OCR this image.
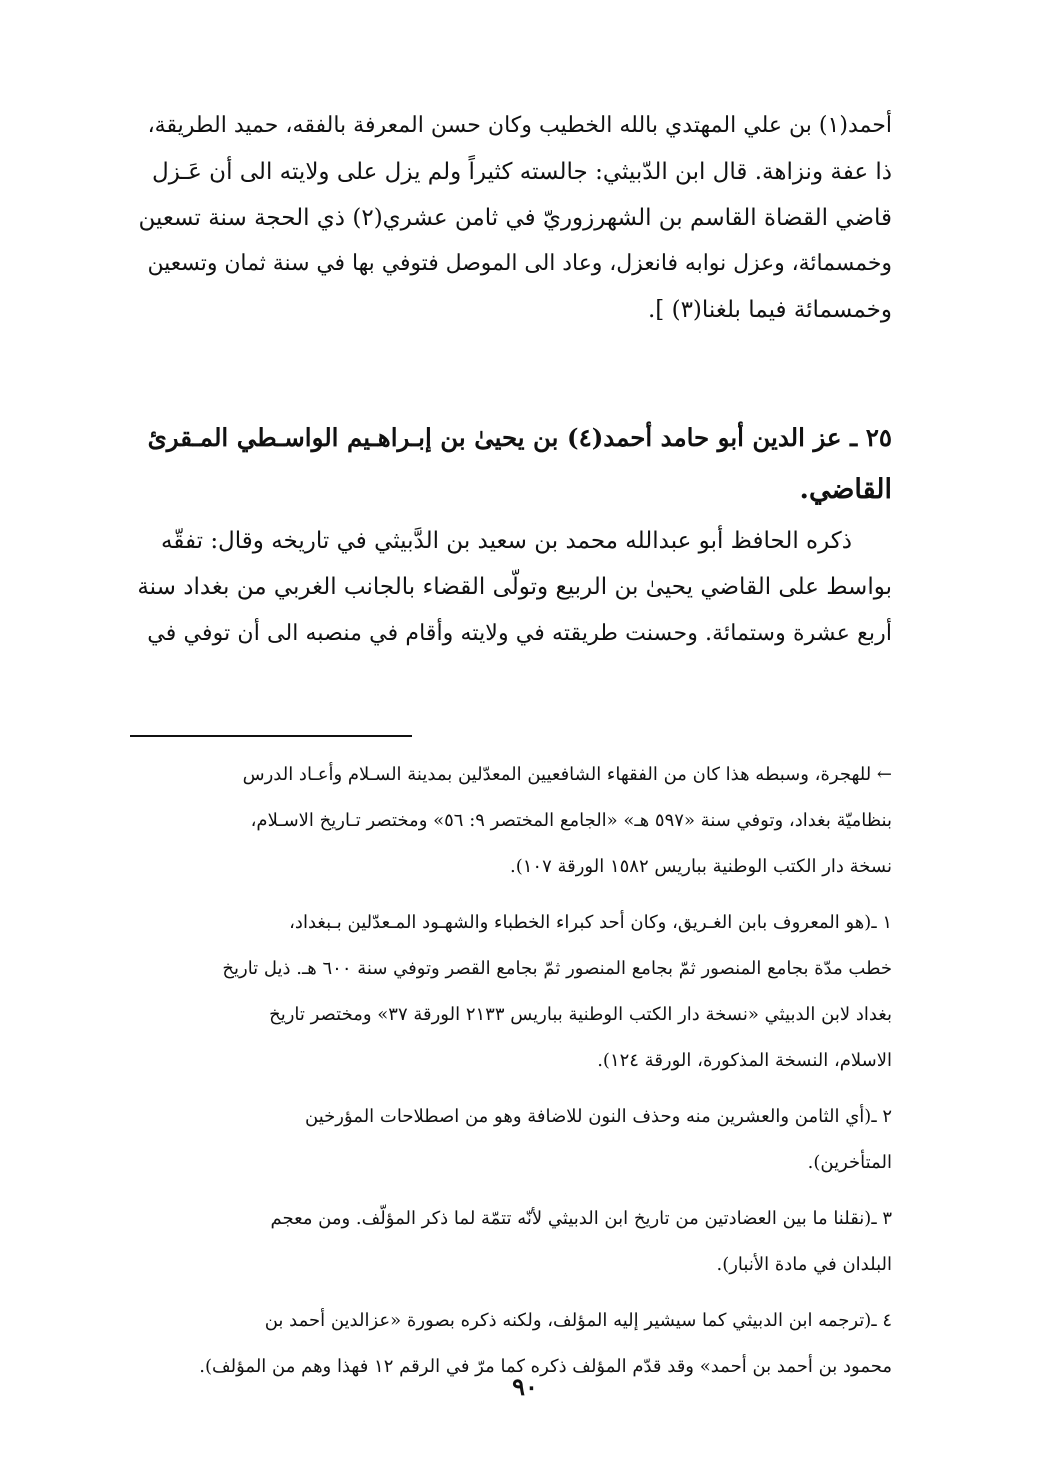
أحمد(١) بن علي المهتدي بالله الخطيب وكان حسن المعرفة بالفقه، حميد الطريقة،
ذا عفة ونزاهة. قال ابن الدّبيثي: جالسته كثيراً ولم يزل على ولايته الى أن عَـزل
قاضي القضاة القاسم بن الشهرزوريّ في ثامن عشري(٢) ذي الحجة سنة تسعين
وخمسمائة، وعزل نوابه فانعزل، وعاد الى الموصل فتوفي بها في سنة ثمان وتسعين
وخمسمائة فيما بلغنا(٣) ].
٢٥ ـ عز الدين أبو حامد أحمد(٤) بن يحيىٰ بن إبـراهـيم الواسـطي المـقرئ
القاضي.
ذكره الحافظ أبو عبدالله محمد بن سعيد بن الدَّبيثي في تاريخه وقال: تفقّه
بواسط على القاضي يحيىٰ بن الربيع وتولّى القضاء بالجانب الغربي من بغداد سنة
أربع عشرة وستمائة. وحسنت طريقته في ولايته وأقام في منصبه الى أن توفي في
← للهجرة، وسبطه هذا كان من الفقهاء الشافعيين المعدّلين بمدينة السـلام وأعـاد الدرس
بنظاميّة بغداد، وتوفي سنة «٥٩٧ هـ» «الجامع المختصر ٩: ٥٦» ومختصر تـاريخ الاسـلام،
نسخة دار الكتب الوطنية بباريس ١٥٨٢ الورقة ١٠٧).
١ ـ(هو المعروف بابن الغـريق، وكان أحد كبراء الخطباء والشهـود المـعدّلين بـبغداد،
خطب مدّة بجامع المنصور ثمّ بجامع المنصور ثمّ بجامع القصر وتوفي سنة ٦٠٠ هـ. ذيل تاريخ
بغداد لابن الدبيثي «نسخة دار الكتب الوطنية بباريس ٢١٣٣ الورقة ٣٧» ومختصر تاريخ
الاسلام، النسخة المذكورة، الورقة ١٢٤).
٢ ـ(أي الثامن والعشرين منه وحذف النون للاضافة وهو من اصطلاحات المؤرخين
المتأخرين).
٣ ـ(نقلنا ما بين العضادتين من تاريخ ابن الدبيثي لأنّه تتمّة لما ذكر المؤلّف. ومن معجم
البلدان في مادة الأنبار).
٤ ـ(ترجمه ابن الدبيثي كما سيشير إليه المؤلف، ولكنه ذكره بصورة «عزالدين أحمد بن
محمود بن أحمد بن أحمد» وقد قدّم المؤلف ذكره كما مرّ في الرقم ١٢ فهذا وهم من المؤلف).
٩٠
